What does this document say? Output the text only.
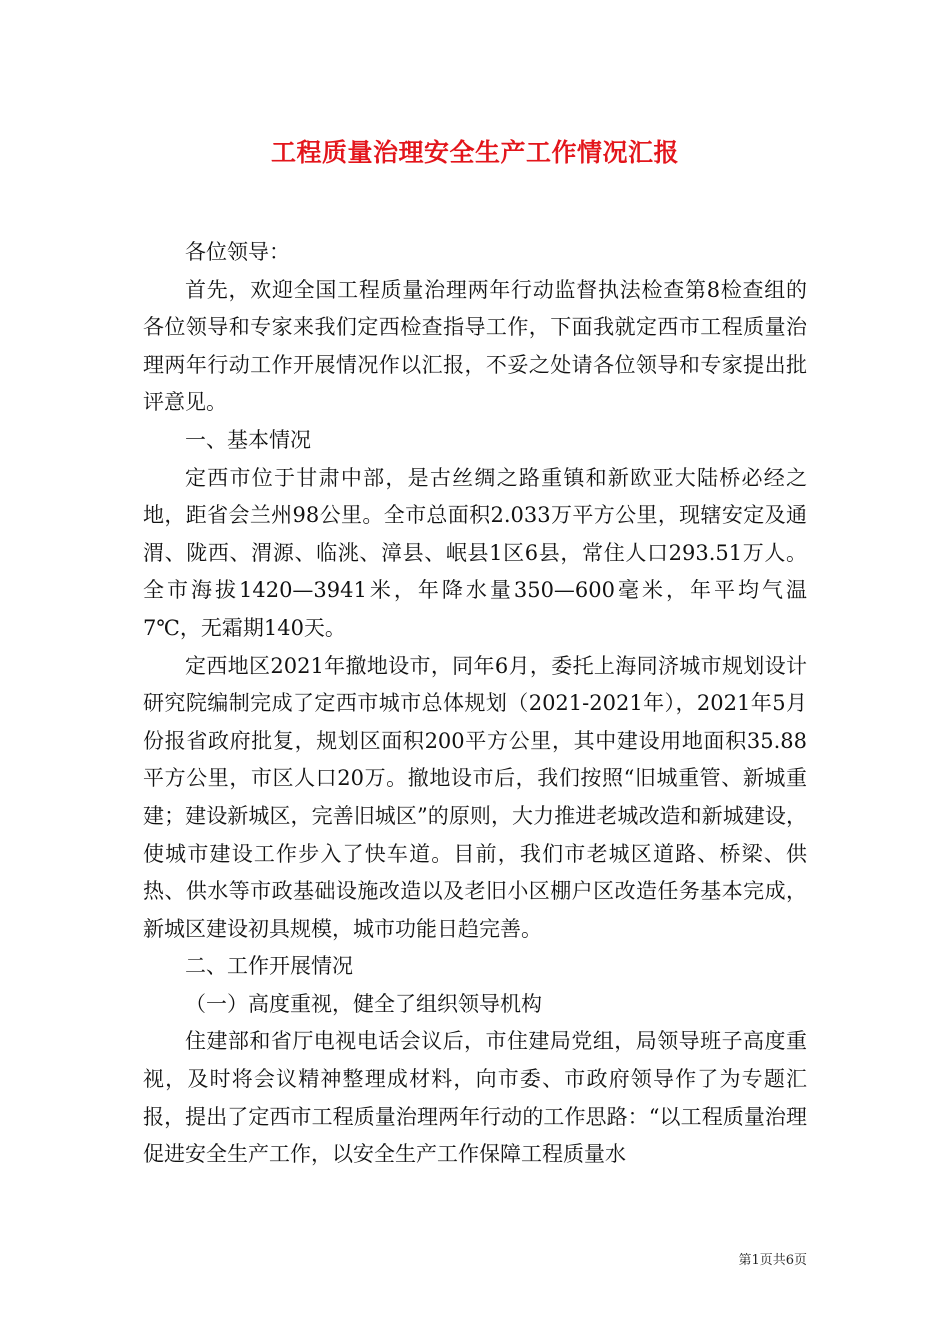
工程质量治理安全生产工作情况汇报

各位领导：

首先，欢迎全国工程质量治理两年行动监督执法检查第8检查组的各位领导和专家来我们定西检查指导工作，下面我就定西市工程质量治理两年行动工作开展情况作以汇报，不妥之处请各位领导和专家提出批评意见。

一、基本情况

定西市位于甘肃中部，是古丝绸之路重镇和新欧亚大陆桥必经之地，距省会兰州98公里。全市总面积2.033万平方公里，现辖安定及通渭、陇西、渭源、临洮、漳县、岷县1区6县，常住人口293.51万人。全市海拔1420—3941米，年降水量350—600毫米，年平均气温7℃，无霜期140天。

定西地区2021年撤地设市，同年6月，委托上海同济城市规划设计研究院编制完成了定西市城市总体规划（2021-2021年），2021年5月份报省政府批复，规划区面积200平方公里，其中建设用地面积35.88平方公里，市区人口20万。撤地设市后，我们按照“旧城重管、新城重建；建设新城区，完善旧城区”的原则，大力推进老城改造和新城建设，使城市建设工作步入了快车道。目前，我们市老城区道路、桥梁、供热、供水等市政基础设施改造以及老旧小区棚户区改造任务基本完成，新城区建设初具规模，城市功能日趋完善。

二、工作开展情况

（一）高度重视，健全了组织领导机构

住建部和省厅电视电话会议后，市住建局党组，局领导班子高度重视，及时将会议精神整理成材料，向市委、市政府领导作了为专题汇报，提出了定西市工程质量治理两年行动的工作思路：“以工程质量治理促进安全生产工作，以安全生产工作保障工程质量水

第1页共6页
